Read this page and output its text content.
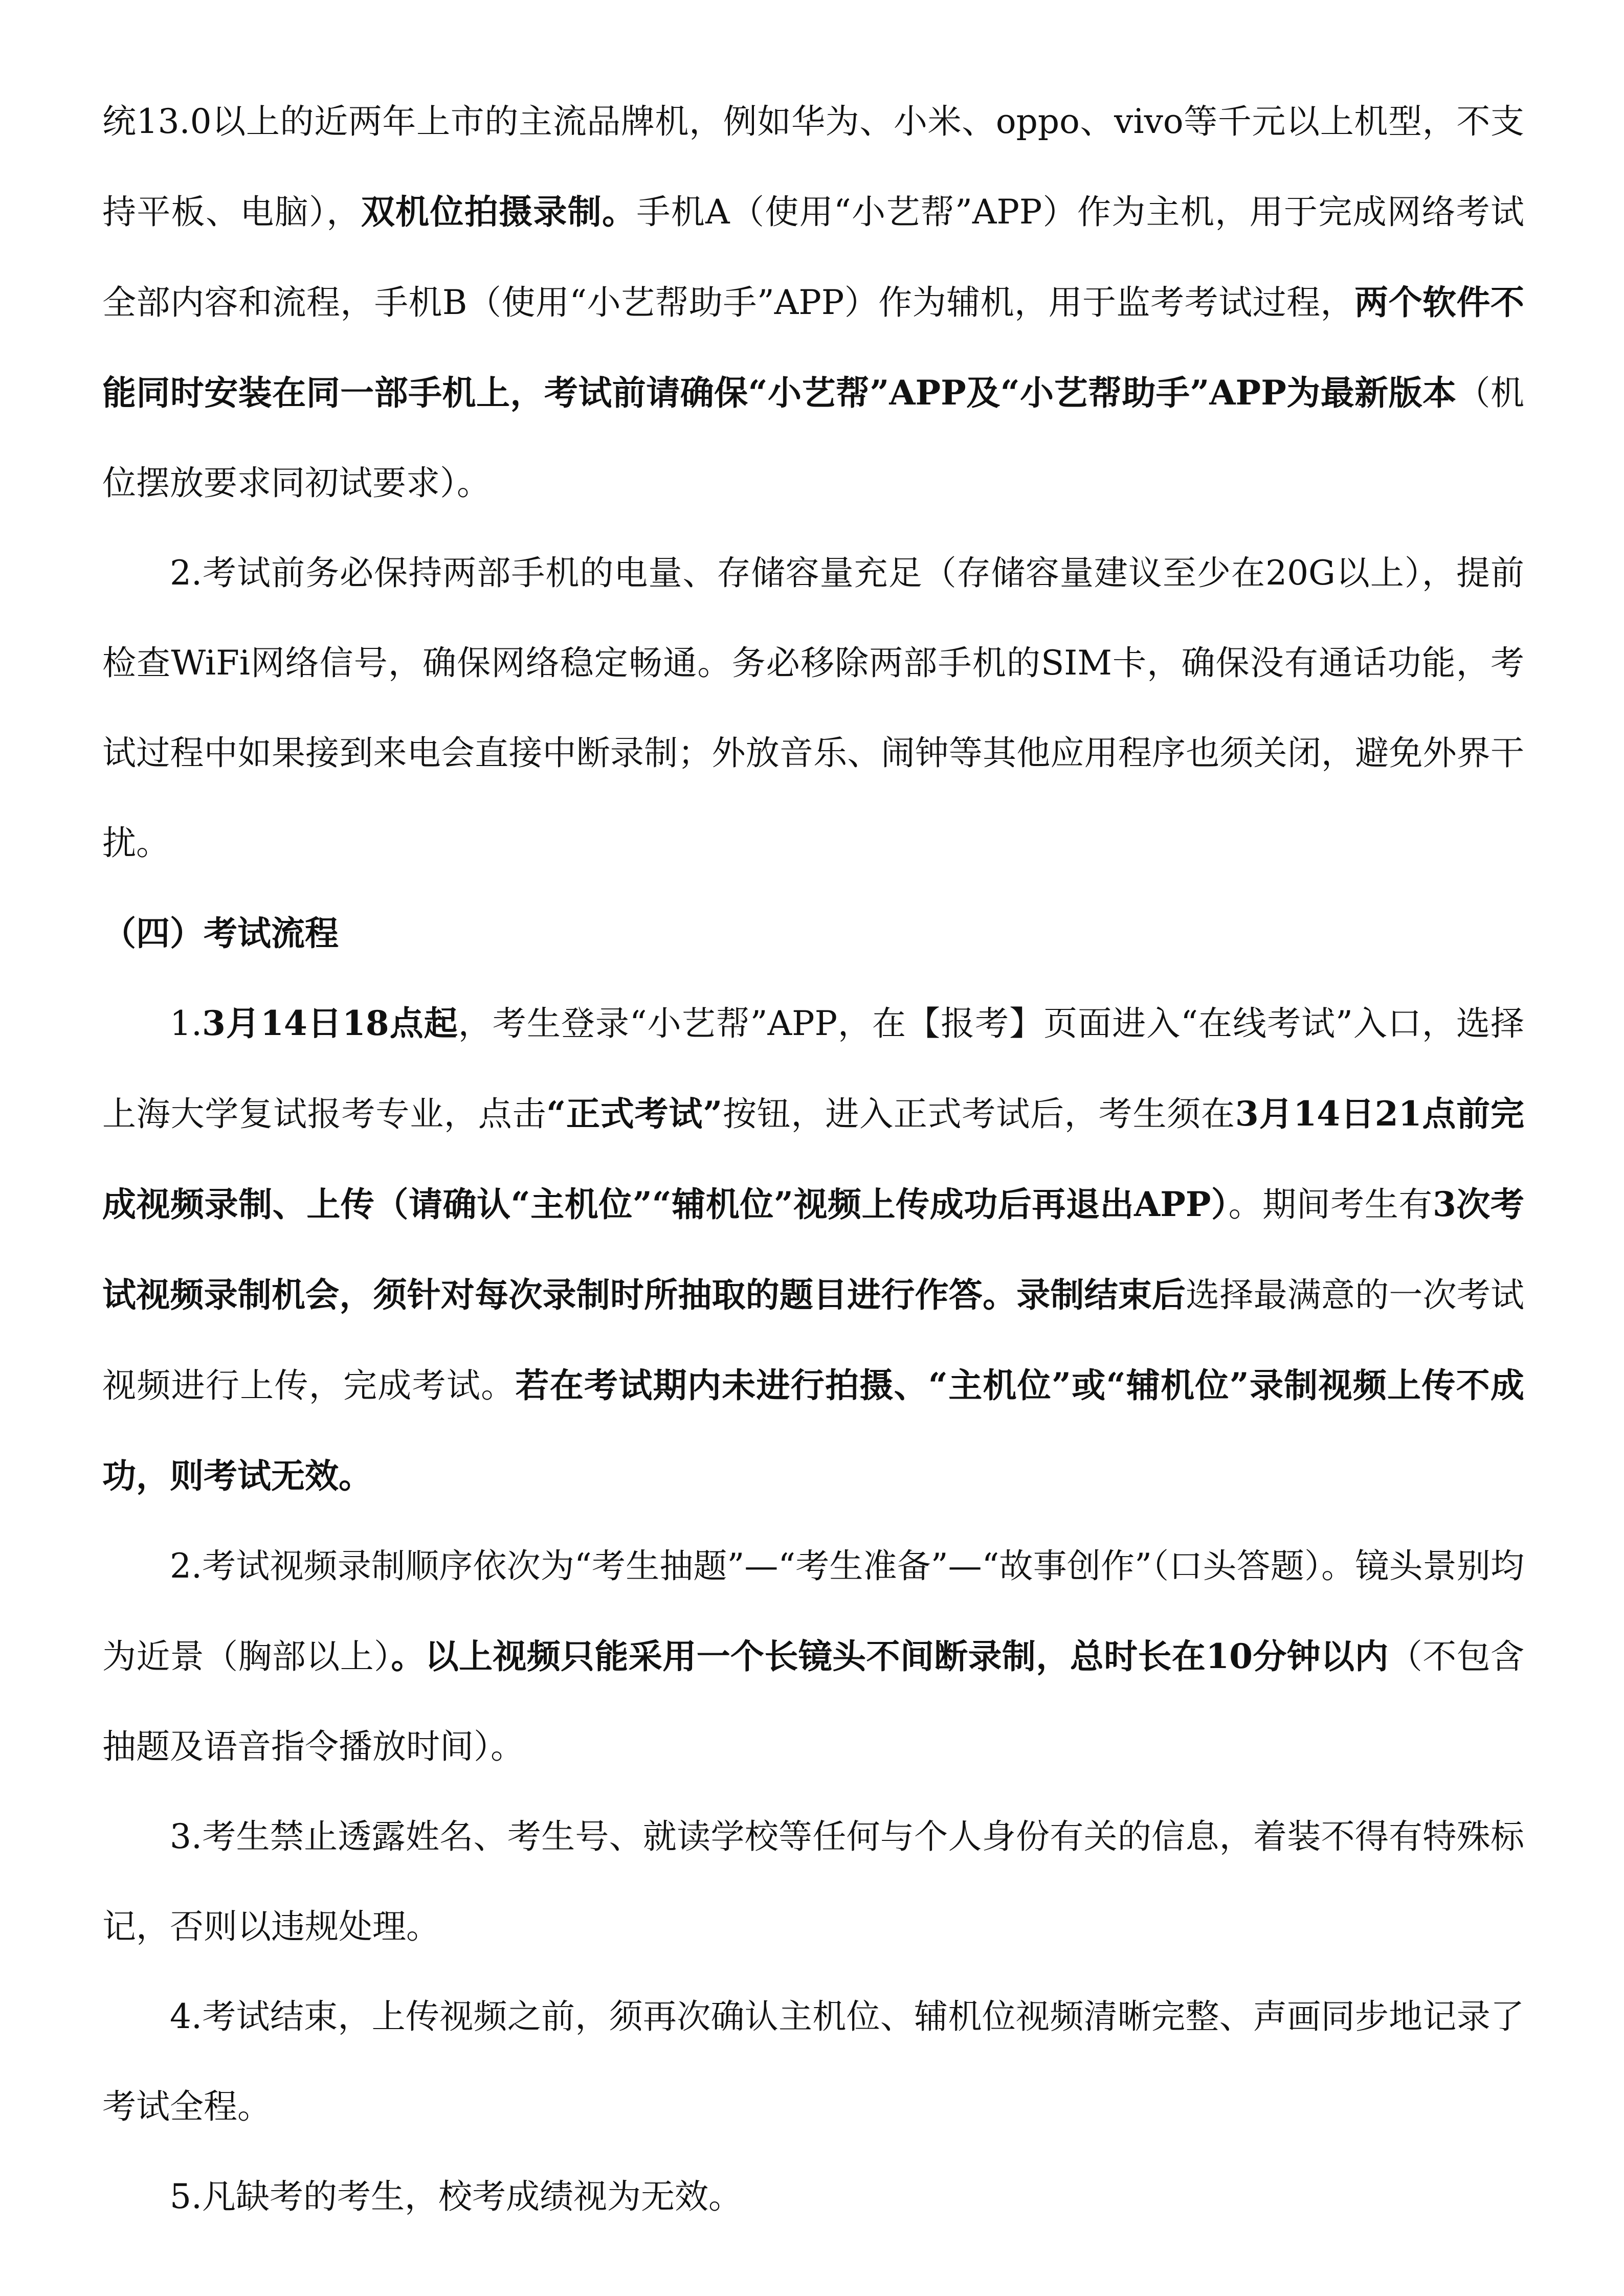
统13.0以上的近两年上市的主流品牌机，例如华为、小米、oppo、vivo等千元以上机型，不支持平板、电脑），双机位拍摄录制。手机A（使用“小艺帮”APP）作为主机，用于完成网络考试全部内容和流程，手机B（使用“小艺帮助手”APP）作为辅机，用于监考考试过程，两个软件不能同时安装在同一部手机上，考试前请确保“小艺帮”APP及“小艺帮助手”APP为最新版本（机位摆放要求同初试要求）。

2.考试前务必保持两部手机的电量、存储容量充足（存储容量建议至少在20G以上），提前检查WiFi网络信号，确保网络稳定畅通。务必移除两部手机的SIM卡，确保没有通话功能，考试过程中如果接到来电会直接中断录制；外放音乐、闹钟等其他应用程序也须关闭，避免外界干扰。

（四）考试流程

1.3月14日18点起，考生登录“小艺帮”APP，在【报考】页面进入“在线考试”入口，选择上海大学复试报考专业，点击“正式考试”按钮，进入正式考试后，考生须在3月14日21点前完成视频录制、上传（请确认“主机位”“辅机位”视频上传成功后再退出APP）。期间考生有3次考试视频录制机会，须针对每次录制时所抽取的题目进行作答。录制结束后选择最满意的一次考试视频进行上传，完成考试。若在考试期内未进行拍摄、“主机位”或“辅机位”录制视频上传不成功，则考试无效。

2.考试视频录制顺序依次为“考生抽题”—“考生准备”—“故事创作”（口头答题）。镜头景别均为近景（胸部以上）。以上视频只能采用一个长镜头不间断录制，总时长在10分钟以内（不包含抽题及语音指令播放时间）。

3.考生禁止透露姓名、考生号、就读学校等任何与个人身份有关的信息，着装不得有特殊标记，否则以违规处理。

4.考试结束，上传视频之前，须再次确认主机位、辅机位视频清晰完整、声画同步地记录了考试全程。

5.凡缺考的考生，校考成绩视为无效。
